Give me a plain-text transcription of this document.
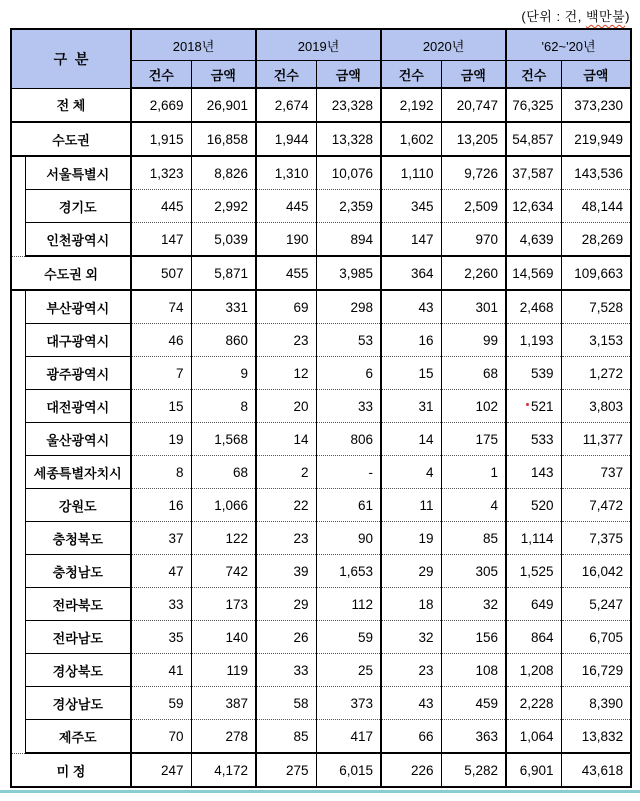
(단위 : 건, 백만불)
구  분		2018년		2019년		2020년		'62~'20년	
		건수	금액	건수	금액	건수	금액	건수	금액
전 체		2,669	26,901	2,674	23,328	2,192	20,747	76,325	373,230
수도권		1,915	16,858	1,944	13,328	1,602	13,205	54,857	219,949
	서울특별시	1,323	8,826	1,310	10,076	1,110	9,726	37,587	143,536
	경기도	445	2,992	445	2,359	345	2,509	12,634	48,144
	인천광역시	147	5,039	190	894	147	970	4,639	28,269
수도권 외		507	5,871	455	3,985	364	2,260	14,569	109,663
	부산광역시	74	331	69	298	43	301	2,468	7,528
	대구광역시	46	860	23	53	16	99	1,193	3,153
	광주광역시	7	9	12	6	15	68	539	1,272
	대전광역시	15	8	20	33	31	102	521	3,803
	울산광역시	19	1,568	14	806	14	175	533	11,377
	세종특별자치시	8	68	2	-	4	1	143	737
	강원도	16	1,066	22	61	11	4	520	7,472
	충청북도	37	122	23	90	19	85	1,114	7,375
	충청남도	47	742	39	1,653	29	305	1,525	16,042
	전라북도	33	173	29	112	18	32	649	5,247
	전라남도	35	140	26	59	32	156	864	6,705
	경상북도	41	119	33	25	23	108	1,208	16,729
	경상남도	59	387	58	373	43	459	2,228	8,390
	제주도	70	278	85	417	66	363	1,064	13,832
미 정		247	4,172	275	6,015	226	5,282	6,901	43,618
